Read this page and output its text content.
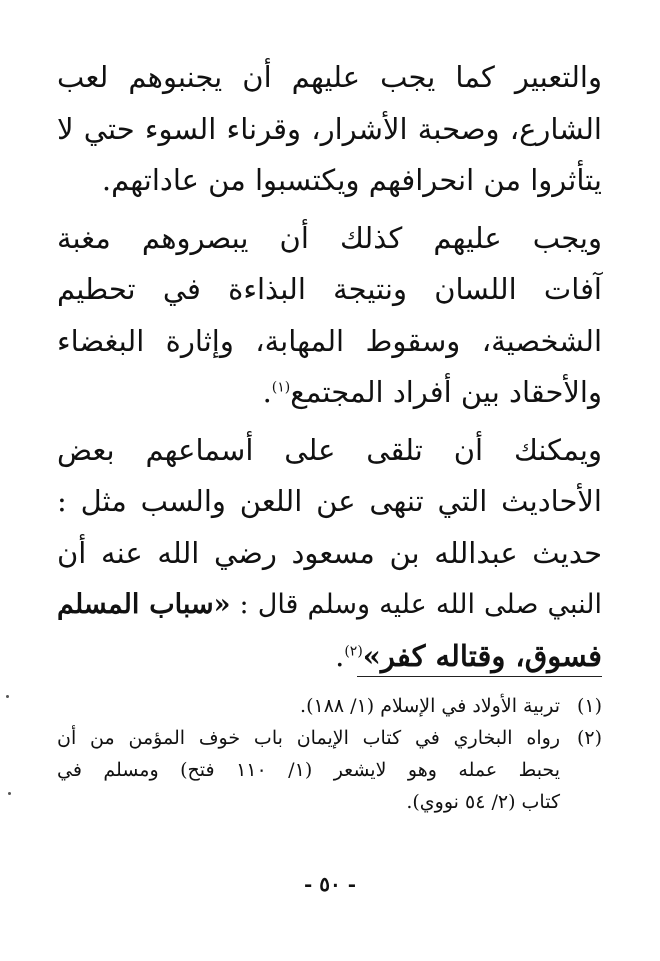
والتعبير كما يجب عليهم أن يجنبوهم لعب
الشارع، وصحبة الأشرار، وقرناء السوء حتي لا
يتأثروا من انحرافهم ويكتسبوا من عاداتهم.
ويجب عليهم كذلك أن يبصروهم مغبة
آفات اللسان ونتيجة البذاءة في تحطيم
الشخصية، وسقوط المهابة، وإثارة البغضاء
والأحقاد بين أفراد المجتمع$^{(١)}$.
ويمكنك أن تلقى على أسماعهم بعض
الأحاديث التي تنهى عن اللعن والسب مثل :
حديث عبدالله بن مسعود رضي الله عنه أن
النبي صلى الله عليه وسلم قال : «سباب المسلم
فسوق، وقتاله كفر»$^{(٢)}$.
(١)
تربية الأولاد في الإسلام (١/ ١٨٨).
(٢)
رواه البخاري في كتاب الإيمان باب خوف المؤمن من أن
يحبط عمله وهو لايشعر (١/ ١١٠ فتح) ومسلم في
كتاب (٢/ ٥٤ نووي).
- ٥٠ -
